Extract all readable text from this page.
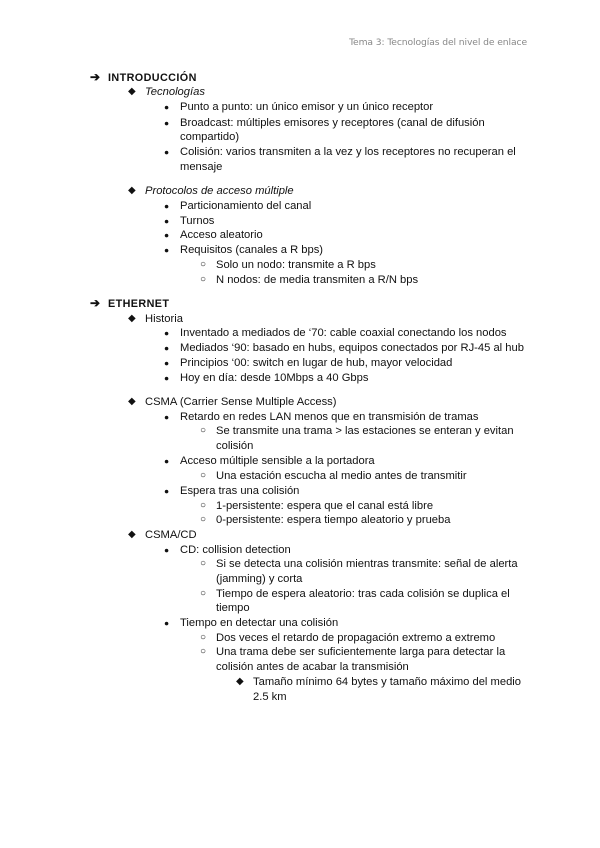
Tema 3: Tecnologías del nivel de enlace
➔ INTRODUCCIÓN
◆ Tecnologías
● Punto a punto: un único emisor y un único receptor
● Broadcast: múltiples emisores y receptores (canal de difusión
compartido)
● Colisión: varios transmiten a la vez y los receptores no recuperan el
mensaje
◆ Protocolos de acceso múltiple
● Particionamiento del canal
● Turnos
● Acceso aleatorio
● Requisitos (canales a R bps)
○ Solo un nodo: transmite a R bps
○ N nodos: de media transmiten a R/N bps
➔ ETHERNET
◆ Historia
● Inventado a mediados de ‘70: cable coaxial conectando los nodos
● Mediados ‘90: basado en hubs, equipos conectados por RJ-45 al hub
● Principios ‘00: switch en lugar de hub, mayor velocidad
● Hoy en día: desde 10Mbps a 40 Gbps
◆ CSMA (Carrier Sense Multiple Access)
● Retardo en redes LAN menos que en transmisión de tramas
○ Se transmite una trama > las estaciones se enteran y evitan
colisión
● Acceso múltiple sensible a la portadora
○ Una estación escucha al medio antes de transmitir
● Espera tras una colisión
○ 1-persistente: espera que el canal está libre
○ 0-persistente: espera tiempo aleatorio y prueba
◆ CSMA/CD
● CD: collision detection
○ Si se detecta una colisión mientras transmite: señal de alerta
(jamming) y corta
○ Tiempo de espera aleatorio: tras cada colisión se duplica el
tiempo
● Tiempo en detectar una colisión
○ Dos veces el retardo de propagación extremo a extremo
○ Una trama debe ser suficientemente larga para detectar la
colisión antes de acabar la transmisión
◆ Tamaño mínimo 64 bytes y tamaño máximo del medio
2.5 km
